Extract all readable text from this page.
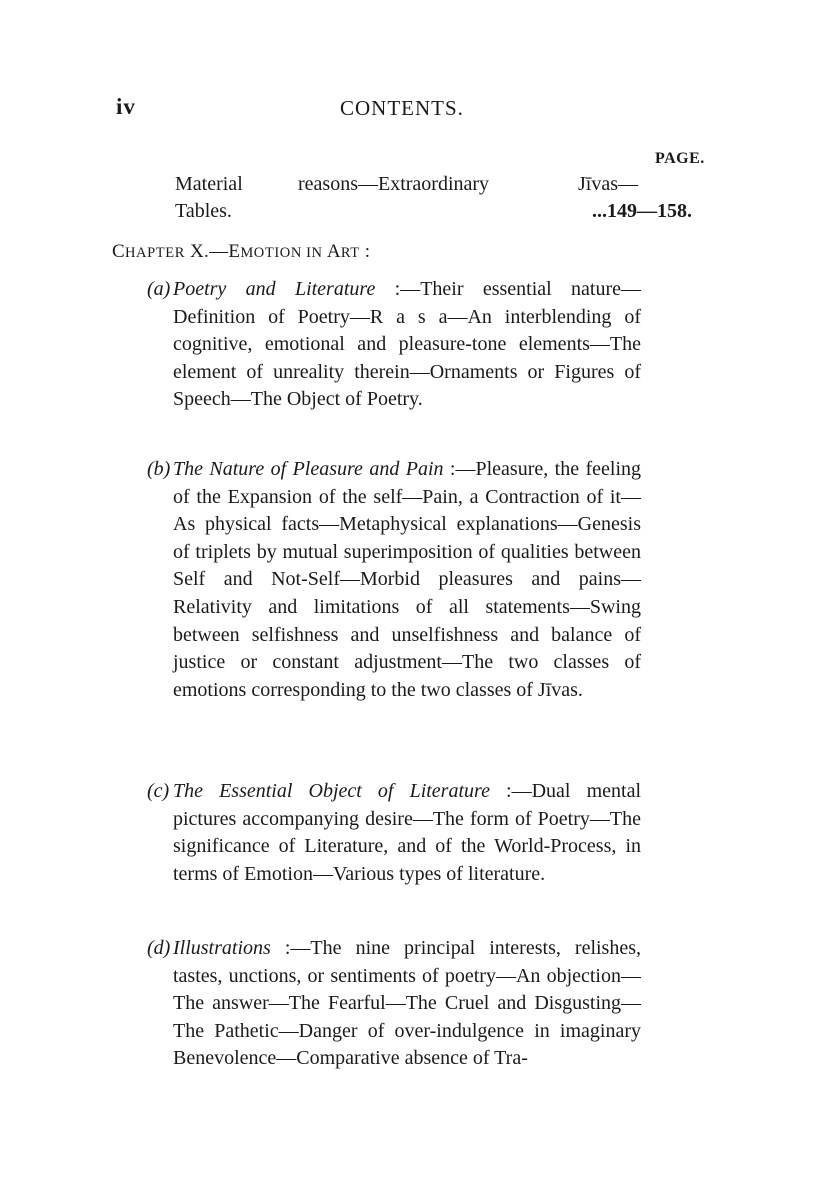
iv	CONTENTS.
PAGE.
Material	reasons—Extraordinary	Jīvas—
Tables.	...149—158.
CHAPTER X.—EMOTION IN ART :
(a) Poetry and Literature :—Their essential nature—Definition of Poetry—R a s a—An interblending of cognitive, emotional and pleasure-tone elements—The element of unreality therein—Ornaments or Figures of Speech—The Object of Poetry.
(b) The Nature of Pleasure and Pain :—Pleasure, the feeling of the Expansion of the self—Pain, a Contraction of it—As physical facts—Metaphysical explanations—Genesis of triplets by mutual superimposition of qualities between Self and Not-Self—Morbid pleasures and pains—Relativity and limitations of all statements—Swing between selfishness and unselfishness and balance of justice or constant adjustment—The two classes of emotions corresponding to the two classes of Jīvas.
(c) The Essential Object of Literature :—Dual mental pictures accompanying desire—The form of Poetry—The significance of Literature, and of the World-Process, in terms of Emotion—Various types of literature.
(d) Illustrations :—The nine principal interests, relishes, tastes, unctions, or sentiments of poetry—An objection—The answer—The Fearful—The Cruel and Disgusting—The Pathetic—Danger of over-indulgence in imaginary Benevolence—Comparative absence of Tra-
